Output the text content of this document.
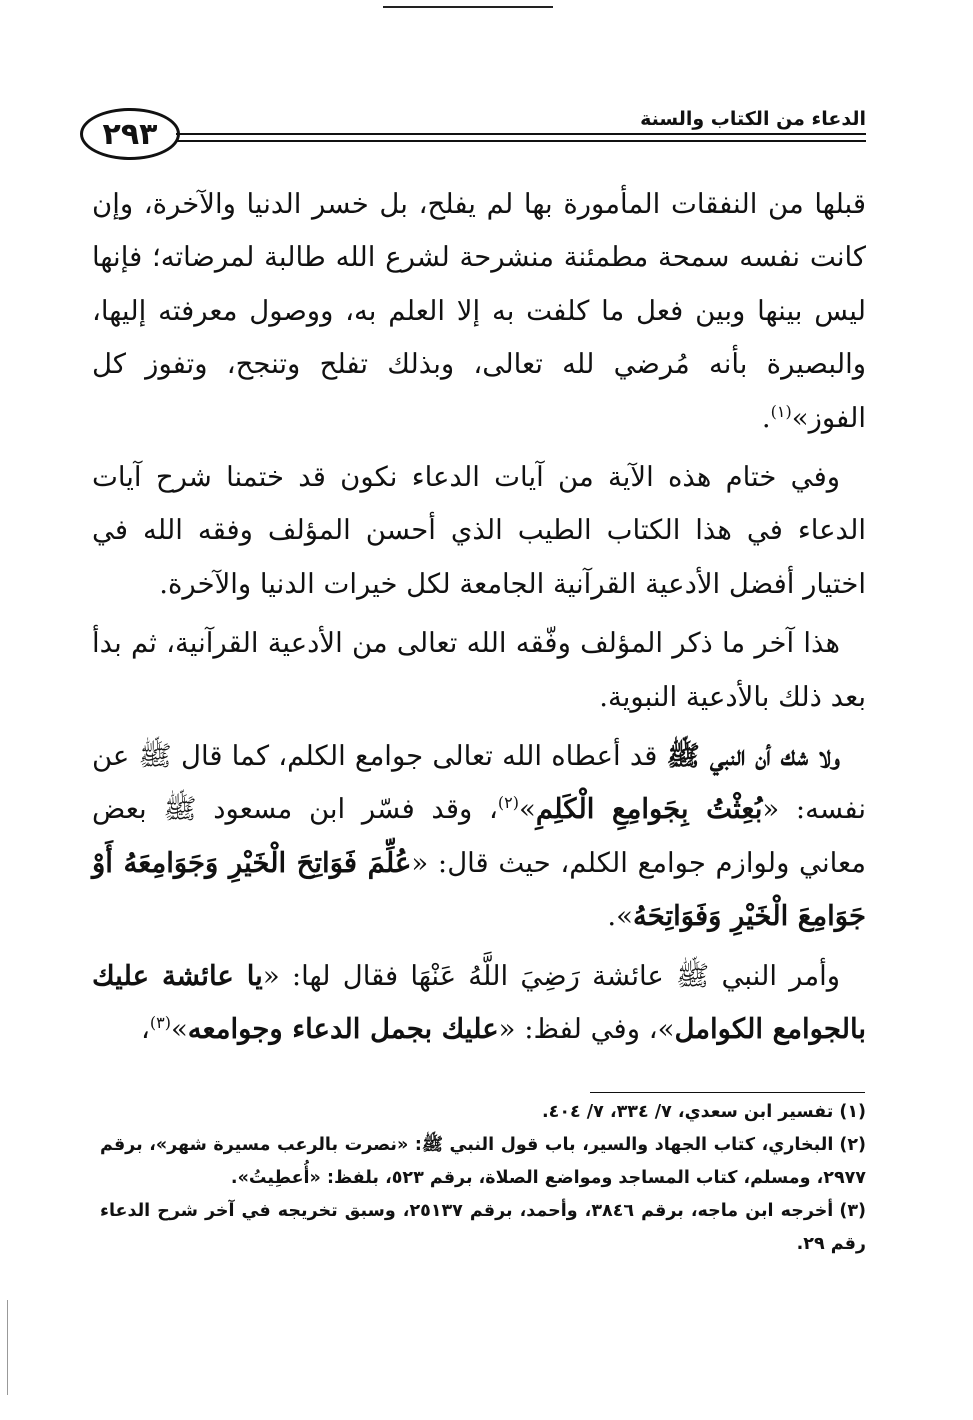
الدعاء من الكتاب والسنة
٢٩٣

قبلها من النفقات المأمورة بها لم يفلح، بل خسر الدنيا والآخرة، وإن كانت نفسه سمحة مطمئنة منشرحة لشرع الله طالبة لمرضاته؛ فإنها ليس بينها وبين فعل ما كلفت به إلا العلم به، ووصول معرفته إليها، والبصيرة بأنه مُرضي لله تعالى، وبذلك تفلح وتنجح، وتفوز كل الفوز»$^{(١)}$.

وفي ختام هذه الآية من آيات الدعاء نكون قد ختمنا شرح آيات الدعاء في هذا الكتاب الطيب الذي أحسن المؤلف وفقه الله في اختيار أفضل الأدعية القرآنية الجامعة لكل خيرات الدنيا والآخرة.

هذا آخر ما ذكر المؤلف وفّقه الله تعالى من الأدعية القرآنية، ثم بدأ بعد ذلك بالأدعية النبوية.

ولا شك أن النبي ﷺ قد أعطاه الله تعالى جوامع الكلم، كما قال ﷺ عن نفسه: «بُعِثْتُ بِجَوامِعِ الْكَلِمِ»$^{(٢)}$، وقد فسّر ابن مسعود ﷺ بعض معاني ولوازم جوامع الكلم، حيث قال: «عُلِّمَ فَوَاتِحَ الْخَيْرِ وَجَوَامِعَهُ أَوْ جَوَامِعَ الْخَيْرِ وَفَوَاتِحَهُ».

وأمر النبي ﷺ عائشة رَضِيَ اللَّهُ عَنْهَا فقال لها: «يا عائشة عليك بالجوامع الكوامل»، وفي لفظ: «عليك بجمل الدعاء وجوامعه»$^{(٣)}$،

(١)تفسير ابن سعدي، ٧/ ٣٣٤، ٧/ ٤٠٤.

(٢)البخاري، كتاب الجهاد والسير، باب قول النبي ﷺ: «نصرت بالرعب مسيرة شهر»، برقم ٢٩٧٧، ومسلم، كتاب المساجد ومواضع الصلاة، برقم ٥٢٣، بلفظ: «أُعطِيتُ».

(٣)أخرجه ابن ماجه، برقم ٣٨٤٦، وأحمد، برقم ٢٥١٣٧، وسبق تخريجه في آخر شرح الدعاء رقم ٢٩.
